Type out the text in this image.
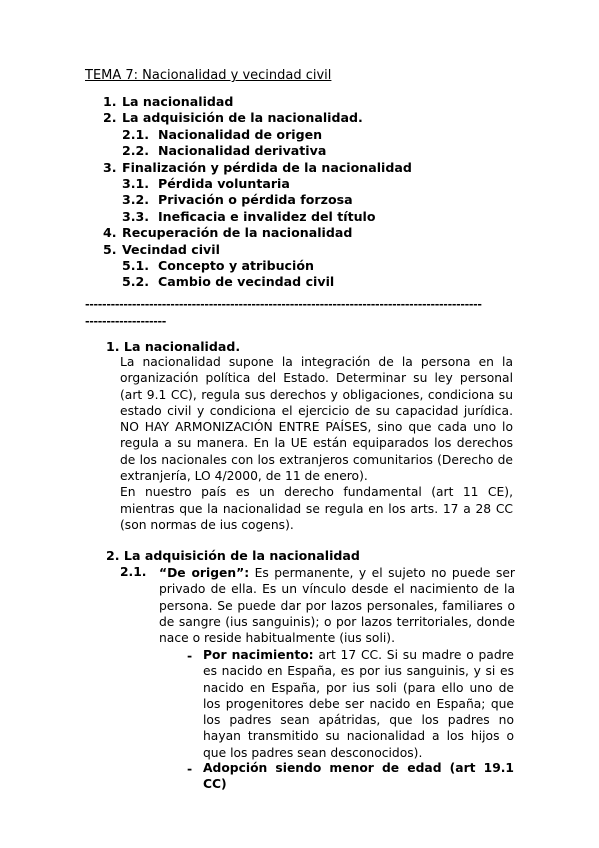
TEMA 7: Nacionalidad y vecindad civil
1. La nacionalidad
2. La adquisición de la nacionalidad.
2.1. Nacionalidad de origen
2.2. Nacionalidad derivativa
3. Finalización y pérdida de la nacionalidad
3.1. Pérdida voluntaria
3.2. Privación o pérdida forzosa
3.3. Ineficacia e invalidez del título
4. Recuperación de la nacionalidad
5. Vecindad civil
5.1. Concepto y atribución
5.2. Cambio de vecindad civil
---------------------------------------------------------------------------------------------
-------------------
1. La nacionalidad.

La nacionalidad supone la integración de la persona en la organización política del Estado. Determinar su ley personal (art 9.1 CC), regula sus derechos y obligaciones, condiciona su estado civil y condiciona el ejercicio de su capacidad jurídica. NO HAY ARMONIZACIÓN ENTRE PAÍSES, sino que cada uno lo regula a su manera. En la UE están equiparados los derechos de los nacionales con los extranjeros comunitarios (Derecho de extranjería, LO 4/2000, de 11 de enero).

En nuestro país es un derecho fundamental (art 11 CE), mientras que la nacionalidad se regula en los arts. 17 a 28 CC (son normas de ius cogens).

2. La adquisición de la nacionalidad
2.1. “De origen”: Es permanente, y el sujeto no puede ser privado de ella. Es un vínculo desde el nacimiento de la persona. Se puede dar por lazos personales, familiares o de sangre (ius sanguinis); o por lazos territoriales, donde nace o reside habitualmente (ius soli).
- Por nacimiento: art 17 CC. Si su madre o padre es nacido en España, es por ius sanguinis, y si es nacido en España, por ius soli (para ello uno de los progenitores debe ser nacido en España; que los padres sean apátridas, que los padres no hayan transmitido su nacionalidad a los hijos o que los padres sean desconocidos).
- Adopción siendo menor de edad (art 19.1 CC)
